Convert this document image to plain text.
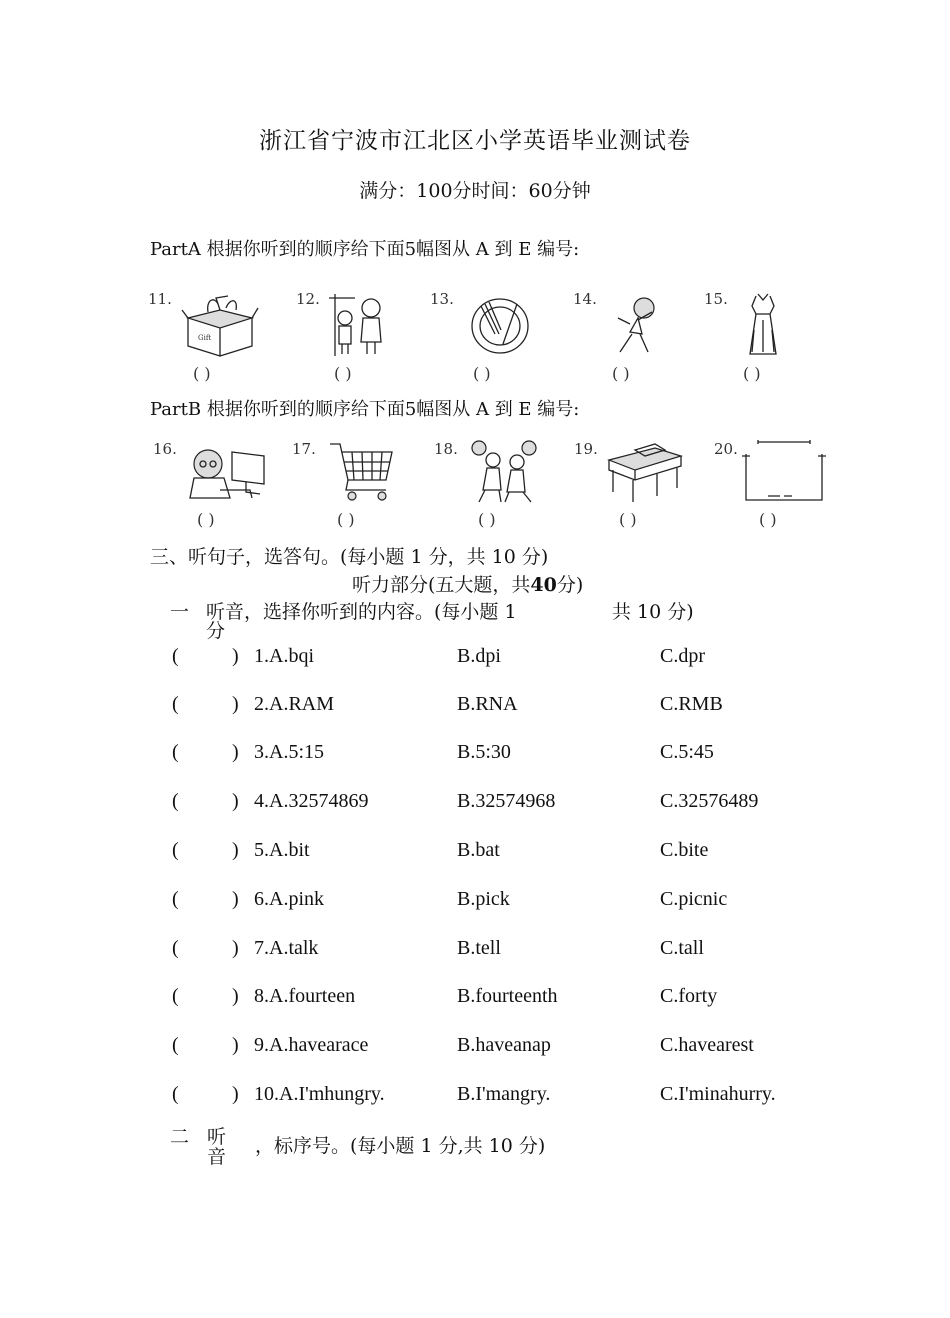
浙江省宁波市江北区小学英语毕业测试卷
满分：100分时间：60分钟
PartA 根据你听到的顺序给下面5幅图从 A 到 E 编号:
11.	12.	13.	14.	15.
Gift
( )	( )	( )	( )	( )
PartB 根据你听到的顺序给下面5幅图从 A 到 E 编号:
16.	17.	18.	19.	20.
( )	( )	( )	( )	( )
三、听句子，选答句。(每小题 1 分，共 10 分)
听力部分(五大题，共40分)
一 听音，选择你听到的内容。(每小题 1
分
共 10 分)
(	) 1.A.bqi	B.dpi	C.dpr
(	) 2.A.RAM	B.RNA	C.RMB
(	) 3.A.5:15	B.5:30	C.5:45
(	) 4.A.32574869	B.32574968	C.32576489
(	) 5.A.bit	B.bat	C.bite
(	) 6.A.pink	B.pick	C.picnic
(	) 7.A.talk	B.tell	C.tall
(	) 8.A.fourteen	B.fourteenth	C.forty
(	) 9.A.havearace	B.haveanap	C.havearest
(	) 10.A.I'mhungry.	B.I'mangry.	C.I'minahurry.
二 听
音 ，标序号。(每小题 1 分,共 10 分)
